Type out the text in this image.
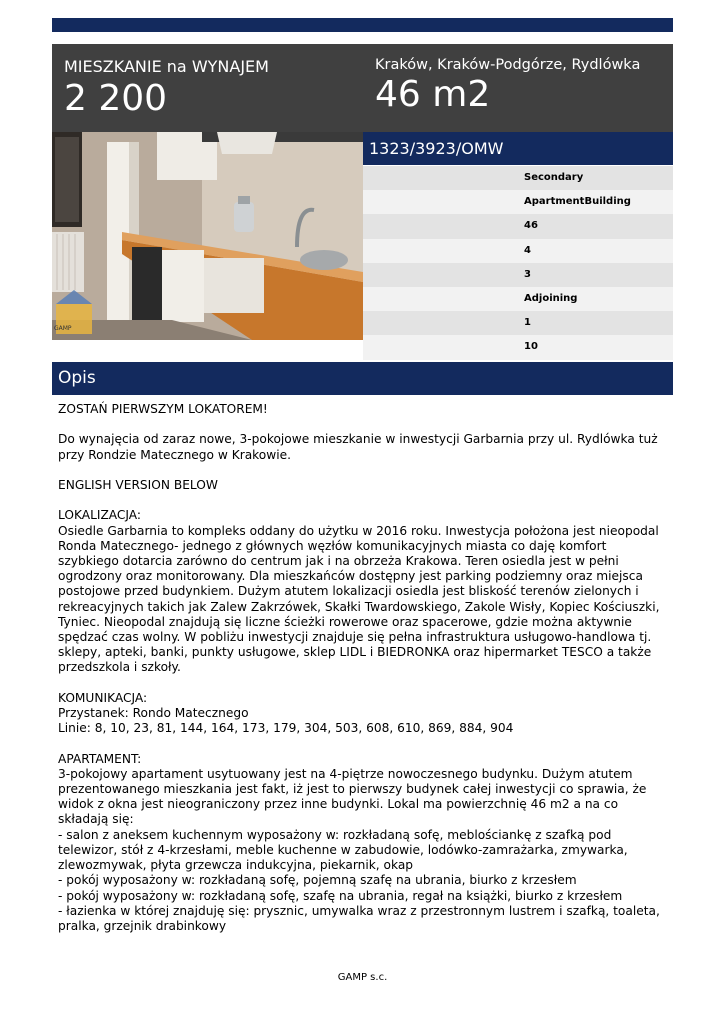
MIESZKANIE na WYNAJEM
2 200
Kraków, Kraków-Podgórze, Rydlówka
46 m2
GAMP
1323/3923/OMW
Secondary
ApartmentBuilding
46
4
3
Adjoining
1
10
Opis

ZOSTAŃ PIERWSZYM LOKATOREM!

Do wynajęcia od zaraz nowe, 3-pokojowe mieszkanie w inwestycji Garbarnia przy ul. Rydlówka tuż

przy Rondzie Matecznego w Krakowie.

ENGLISH VERSION BELOW

LOKALIZACJA:

Osiedle Garbarnia to kompleks oddany do użytku w 2016 roku. Inwestycja położona jest nieopodal

Ronda Matecznego- jednego z głównych węzłów komunikacyjnych miasta co daję komfort

szybkiego dotarcia zarówno do centrum jak i na obrzeża Krakowa. Teren osiedla jest w pełni

ogrodzony oraz monitorowany. Dla mieszkańców dostępny jest parking podziemny oraz miejsca

postojowe przed budynkiem. Dużym atutem lokalizacji osiedla jest bliskość terenów zielonych i

rekreacyjnych takich jak Zalew Zakrzówek, Skałki Twardowskiego, Zakole Wisły, Kopiec Kościuszki,

Tyniec. Nieopodal znajdują się liczne ścieżki rowerowe oraz spacerowe, gdzie można aktywnie

spędzać czas wolny. W pobliżu inwestycji znajduje się pełna infrastruktura usługowo-handlowa tj.

sklepy, apteki, banki, punkty usługowe, sklep LIDL i BIEDRONKA oraz hipermarket TESCO a także

przedszkola i szkoły.

KOMUNIKACJA:

Przystanek: Rondo Matecznego

Linie: 8, 10, 23, 81, 144, 164, 173, 179, 304, 503, 608, 610, 869, 884, 904

APARTAMENT:

3-pokojowy apartament usytuowany jest na 4-piętrze nowoczesnego budynku. Dużym atutem

prezentowanego mieszkania jest fakt, iż jest to pierwszy budynek całej inwestycji co sprawia, że

widok z okna jest nieograniczony przez inne budynki. Lokal ma powierzchnię 46 m2 a na co

składają się:

- salon z aneksem kuchennym wyposażony w: rozkładaną sofę, meblościankę z szafką pod

telewizor, stół z 4-krzesłami, meble kuchenne w zabudowie, lodówko-zamrażarka, zmywarka,

zlewozmywak, płyta grzewcza indukcyjna, piekarnik, okap

- pokój wyposażony w: rozkładaną sofę, pojemną szafę na ubrania, biurko z krzesłem

- pokój wyposażony w: rozkładaną sofę, szafę na ubrania, regał na książki, biurko z krzesłem

- łazienka w której znajduję się: prysznic, umywalka wraz z przestronnym lustrem i szafką, toaleta,

pralka, grzejnik drabinkowy

GAMP s.c.
